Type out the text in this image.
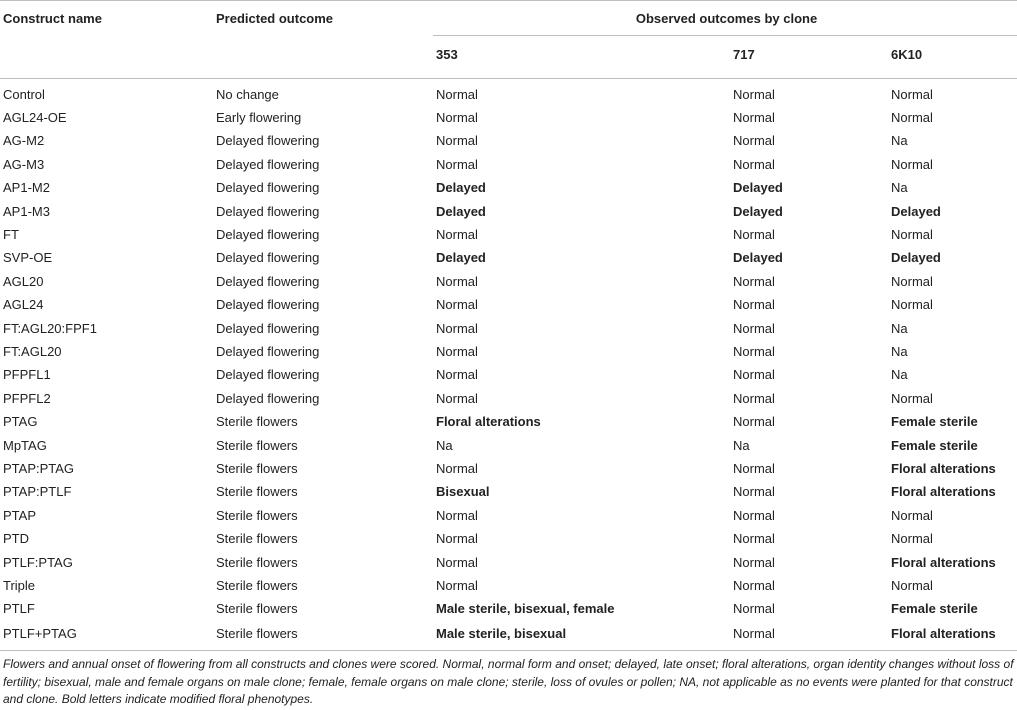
Construct name	Predicted outcome	Observed outcomes by clone		
		353	717	6K10
Control	No change	Normal	Normal	Normal
AGL24-OE	Early flowering	Normal	Normal	Normal
AG-M2	Delayed flowering	Normal	Normal	Na
AG-M3	Delayed flowering	Normal	Normal	Normal
AP1-M2	Delayed flowering	Delayed	Delayed	Na
AP1-M3	Delayed flowering	Delayed	Delayed	Delayed
FT	Delayed flowering	Normal	Normal	Normal
SVP-OE	Delayed flowering	Delayed	Delayed	Delayed
AGL20	Delayed flowering	Normal	Normal	Normal
AGL24	Delayed flowering	Normal	Normal	Normal
FT:AGL20:FPF1	Delayed flowering	Normal	Normal	Na
FT:AGL20	Delayed flowering	Normal	Normal	Na
PFPFL1	Delayed flowering	Normal	Normal	Na
PFPFL2	Delayed flowering	Normal	Normal	Normal
PTAG	Sterile flowers	Floral alterations	Normal	Female sterile
MpTAG	Sterile flowers	Na	Na	Female sterile
PTAP:PTAG	Sterile flowers	Normal	Normal	Floral alterations
PTAP:PTLF	Sterile flowers	Bisexual	Normal	Floral alterations
PTAP	Sterile flowers	Normal	Normal	Normal
PTD	Sterile flowers	Normal	Normal	Normal
PTLF:PTAG	Sterile flowers	Normal	Normal	Floral alterations
Triple	Sterile flowers	Normal	Normal	Normal
PTLF	Sterile flowers	Male sterile, bisexual, female	Normal	Female sterile
PTLF+PTAG	Sterile flowers	Male sterile, bisexual	Normal	Floral alterations
Flowers and annual onset of flowering from all constructs and clones were scored. Normal, normal form and onset; delayed, late onset; floral alterations, organ identity changes without loss of fertility; bisexual, male and female organs on male clone; female, female organs on male clone; sterile, loss of ovules or pollen; NA, not applicable as no events were planted for that construct and clone. Bold letters indicate modified floral phenotypes.
